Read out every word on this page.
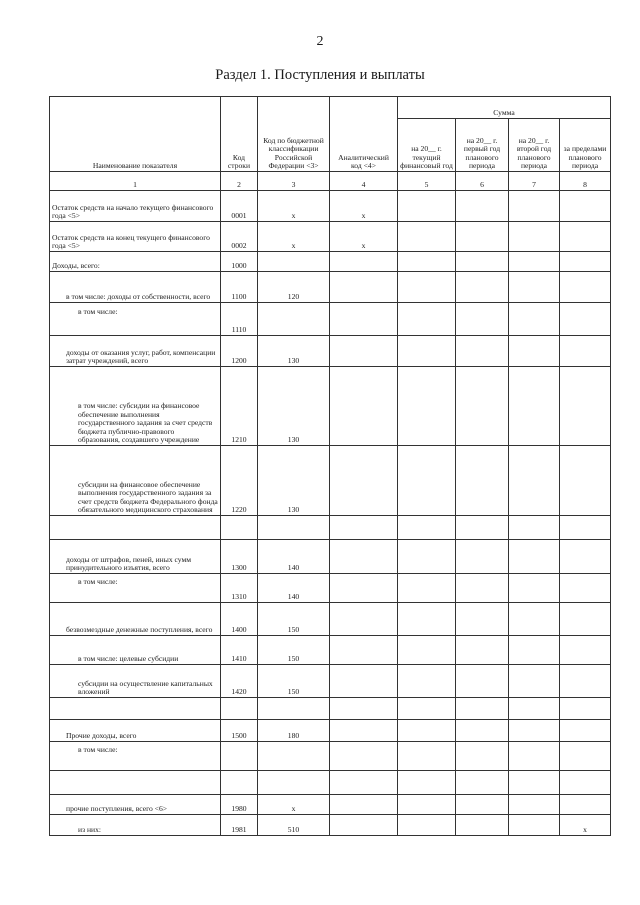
2
Раздел 1. Поступления и выплаты
Наименование показателя	Код строки	Код по бюджетной классификации Российской Федерации <3>	Аналитический код <4>	Сумма			
				на 20__ г. текущий финансовый год	на 20__ г. первый год планового периода	на 20__ г. второй год планового периода	за пределами планового периода
1	2	3	4	5	6	7	8
Остаток средств на начало текущего финансового года <5>	0001	x	x				
Остаток средств на конец текущего финансового года <5>	0002	x	x				
Доходы, всего:	1000						
в том числе: доходы от собственности, всего	1100	120					
в том числе:	1110						
доходы от оказания услуг, работ, компенсации затрат учреждений, всего	1200	130					
в том числе: субсидии на финансовое обеспечение выполнения государственного задания за счет средств бюджета публично-правового образования, создавшего учреждение	1210	130					
субсидии на финансовое обеспечение выполнения государственного задания за счет средств бюджета Федерального фонда обязательного медицинского страхования	1220	130					

доходы от штрафов, пеней, иных сумм принудительного изъятия, всего	1300	140					
в том числе:	1310	140					
безвозмездные денежные поступления, всего	1400	150					
в том числе: целевые субсидии	1410	150					
субсидии на осуществление капитальных вложений	1420	150					

Прочие доходы, всего	1500	180					
в том числе:							

прочие поступления, всего <6>	1980	x					
из них:	1981	510					x
